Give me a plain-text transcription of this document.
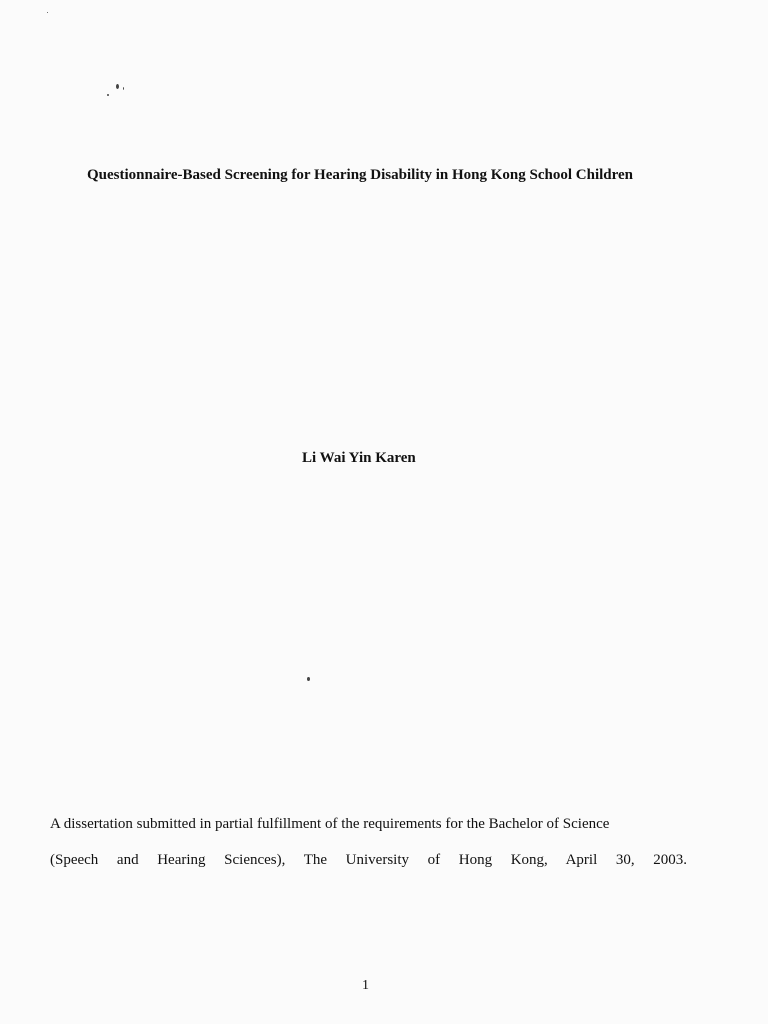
Questionnaire-Based Screening for Hearing Disability in Hong Kong School Children
Li Wai Yin Karen
A dissertation submitted in partial fulfillment of the requirements for the Bachelor of Science
(Speech and Hearing Sciences), The University of Hong Kong, April 30, 2003.
1
